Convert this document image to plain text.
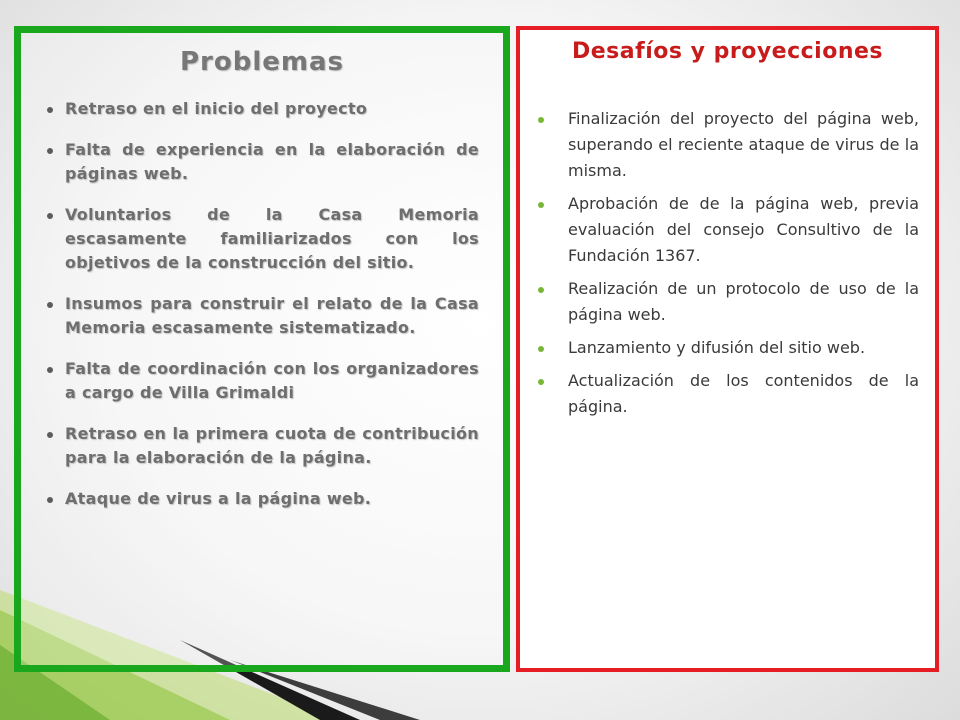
Problemas
Retraso en el inicio del proyecto
Falta de experiencia en la elaboración de páginas web.
Voluntarios de la Casa Memoria escasamente familiarizados con los objetivos de la construcción del sitio.
Insumos para construir el relato de la Casa Memoria escasamente sistematizado.
Falta de coordinación con los organizadores a cargo de Villa Grimaldi
Retraso en la primera cuota de contribución para la elaboración de la página.
Ataque de virus a la página web.
Desafíos y proyecciones
Finalización del proyecto del página web, superando el reciente ataque de virus de la misma.
Aprobación de de la página web, previa evaluación del consejo Consultivo de la Fundación 1367.
Realización de un protocolo de uso de la página web.
Lanzamiento y difusión del sitio web.
Actualización de los contenidos de la página.
